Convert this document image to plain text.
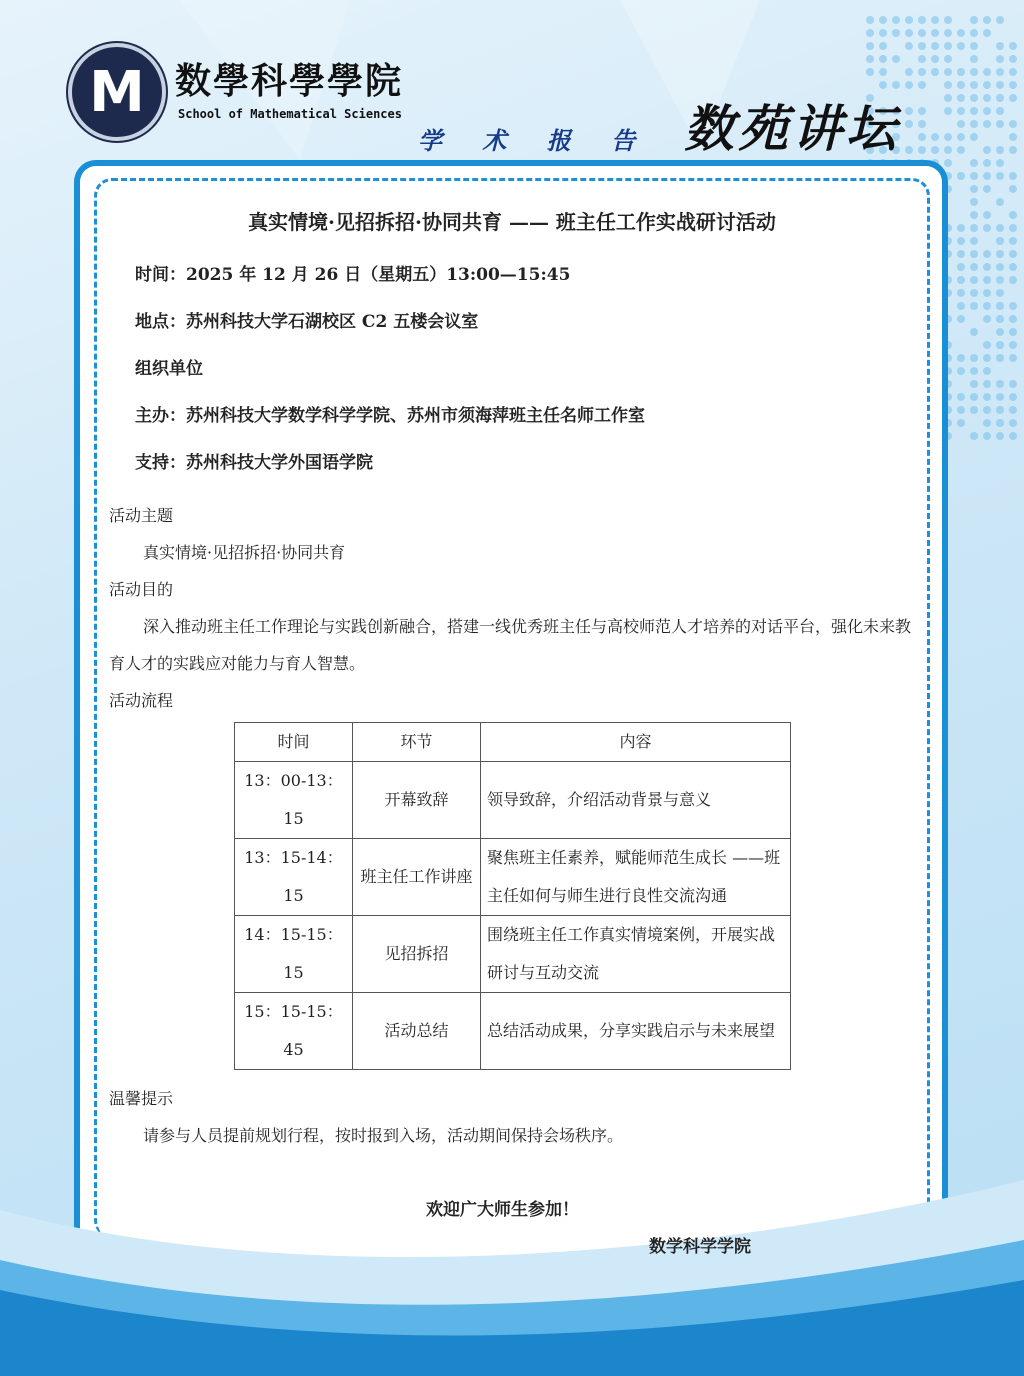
M 数學科學學院
School of Mathematical Sciences
学 术 报 告 数苑讲坛
真实情境·见招拆招·协同共育 —— 班主任工作实战研讨活动
时间：2025 年 12 月 26 日（星期五）13:00—15:45
地点：苏州科技大学石湖校区 C2 五楼会议室
组织单位
主办：苏州科技大学数学科学学院、苏州市须海萍班主任名师工作室
支持：苏州科技大学外国语学院
活动主题
真实情境·见招拆招·协同共育
活动目的
深入推动班主任工作理论与实践创新融合，搭建一线优秀班主任与高校师范人才培养的对话平台，强化未来教育人才的实践应对能力与育人智慧。
活动流程
时间	环节	内容
13：00-13：15	开幕致辞	领导致辞，介绍活动背景与意义
13：15-14：15	班主任工作讲座	聚焦班主任素养，赋能师范生成长 ——班主任如何与师生进行良性交流沟通
14：15-15：15	见招拆招	围绕班主任工作真实情境案例，开展实战研讨与互动交流
15：15-15：45	活动总结	总结活动成果，分享实践启示与未来展望
温馨提示
请参与人员提前规划行程，按时报到入场，活动期间保持会场秩序。
欢迎广大师生参加！
数学科学学院
